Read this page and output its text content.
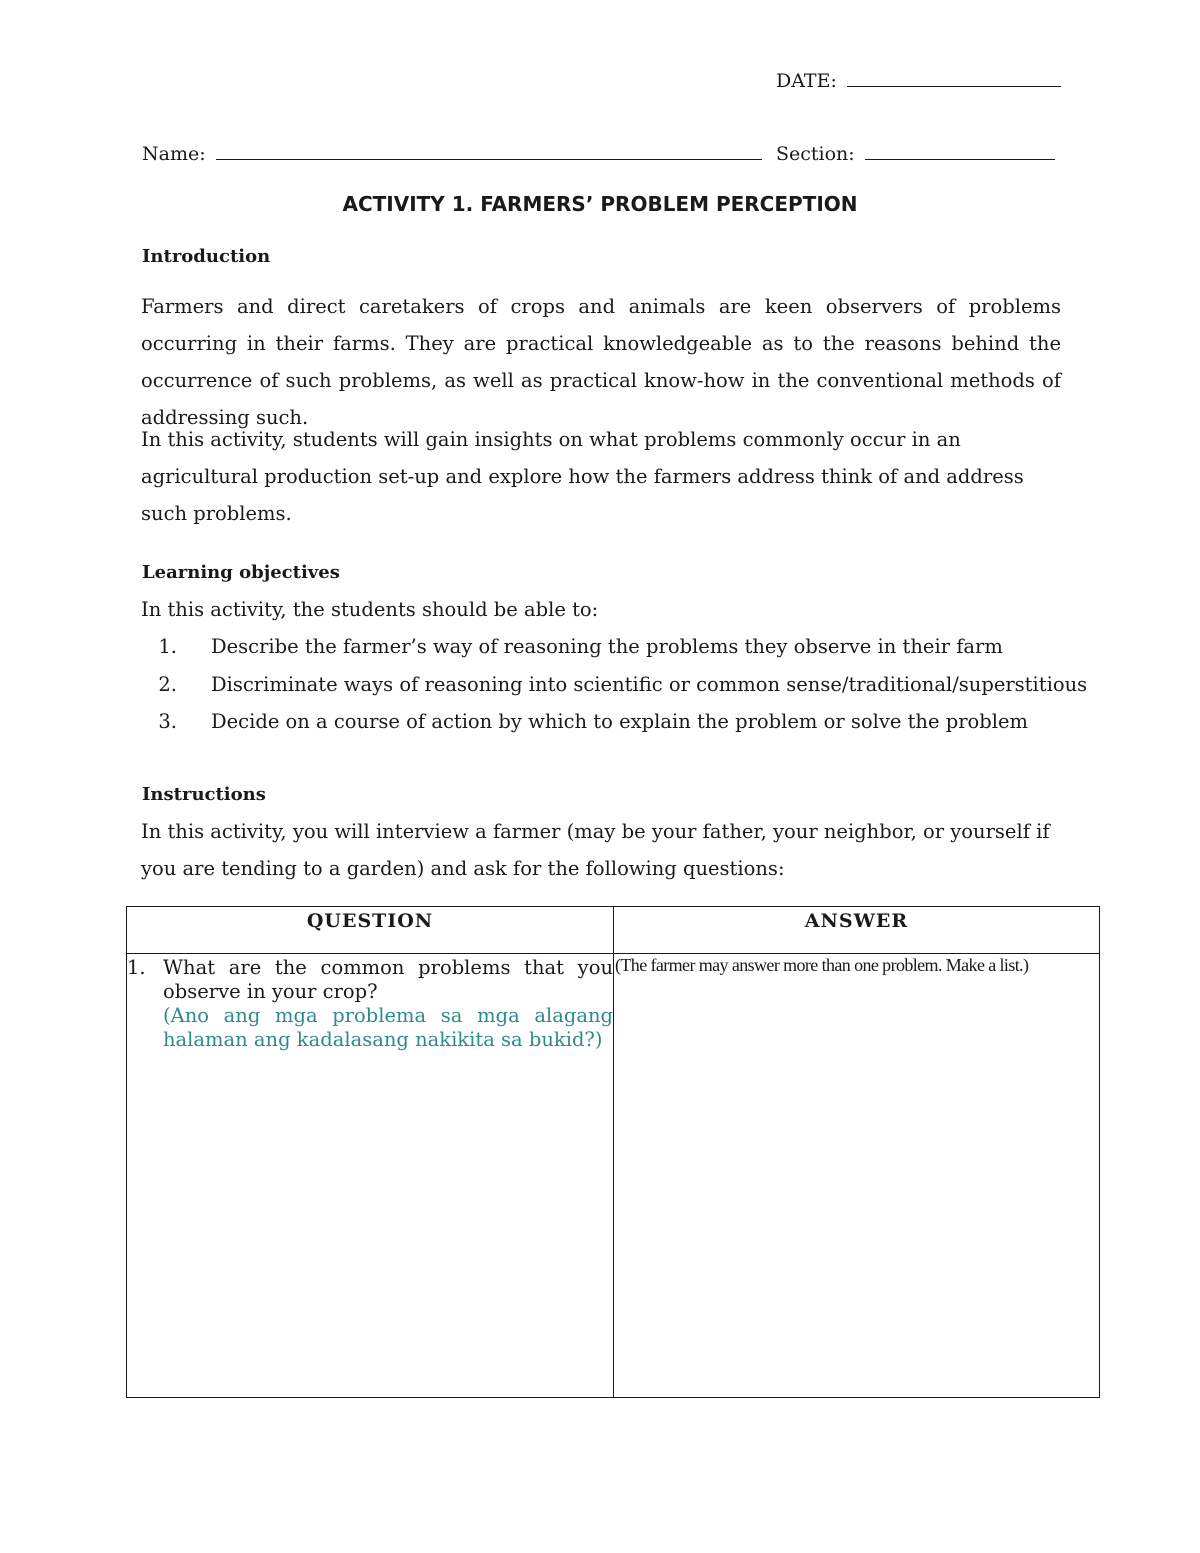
DATE:
Name:	Section:
ACTIVITY 1. FARMERS’ PROBLEM PERCEPTION
Introduction

Farmers and direct caretakers of crops and animals are keen observers of problems occurring in their farms. They are practical knowledgeable as to the reasons behind the occurrence of such problems, as well as practical know-how in the conventional methods of addressing such.

In this activity, students will gain insights on what problems commonly occur in an agricultural production set-up and explore how the farmers address think of and address such problems.

Learning objectives

In this activity, the students should be able to:

1. Describe the farmer’s way of reasoning the problems they observe in their farm
2. Discriminate ways of reasoning into scientific or common sense/traditional/superstitious
3. Decide on a course of action by which to explain the problem or solve the problem
Instructions

In this activity, you will interview a farmer (may be your father, your neighbor, or yourself if you are tending to a garden) and ask for the following questions:

QUESTION	ANSWER

1. What are the common problems that you observe in your crop?
(Ano ang mga problema sa mga alagang halaman ang kadalasang nakikita sa bukid?)	(The farmer may answer more than one problem. Make a list.)
